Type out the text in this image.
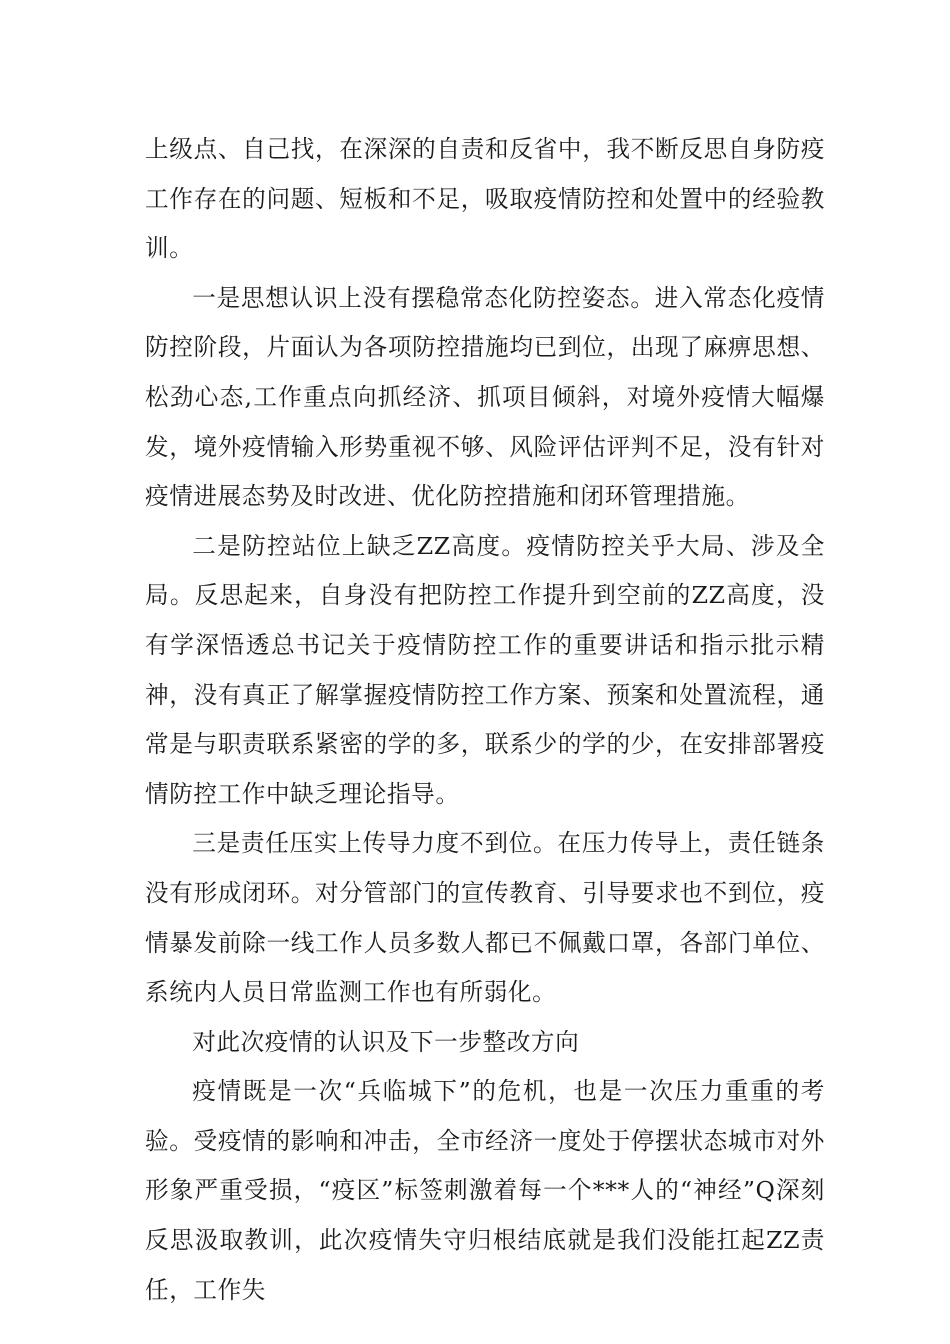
上级点、自己找，在深深的自责和反省中，我不断反思自身防疫工作存在的问题、短板和不足，吸取疫情防控和处置中的经验教训。

一是思想认识上没有摆稳常态化防控姿态。进入常态化疫情防控阶段，片面认为各项防控措施均已到位，出现了麻痹思想、松劲心态,工作重点向抓经济、抓项目倾斜，对境外疫情大幅爆发，境外疫情输入形势重视不够、风险评估评判不足，没有针对疫情进展态势及时改进、优化防控措施和闭环管理措施。

二是防控站位上缺乏ZZ高度。疫情防控关乎大局、涉及全局。反思起来，自身没有把防控工作提升到空前的ZZ高度，没有学深悟透总书记关于疫情防控工作的重要讲话和指示批示精神，没有真正了解掌握疫情防控工作方案、预案和处置流程，通常是与职责联系紧密的学的多，联系少的学的少，在安排部署疫情防控工作中缺乏理论指导。

三是责任压实上传导力度不到位。在压力传导上，责任链条没有形成闭环。对分管部门的宣传教育、引导要求也不到位，疫情暴发前除一线工作人员多数人都已不佩戴口罩，各部门单位、系统内人员日常监测工作也有所弱化。

对此次疫情的认识及下一步整改方向

疫情既是一次“兵临城下”的危机，也是一次压力重重的考验。受疫情的影响和冲击，全市经济一度处于停摆状态城市对外形象严重受损，“疫区”标签刺激着每一个***人的“神经”Q深刻反思汲取教训，此次疫情失守归根结底就是我们没能扛起ZZ责任，工作失
